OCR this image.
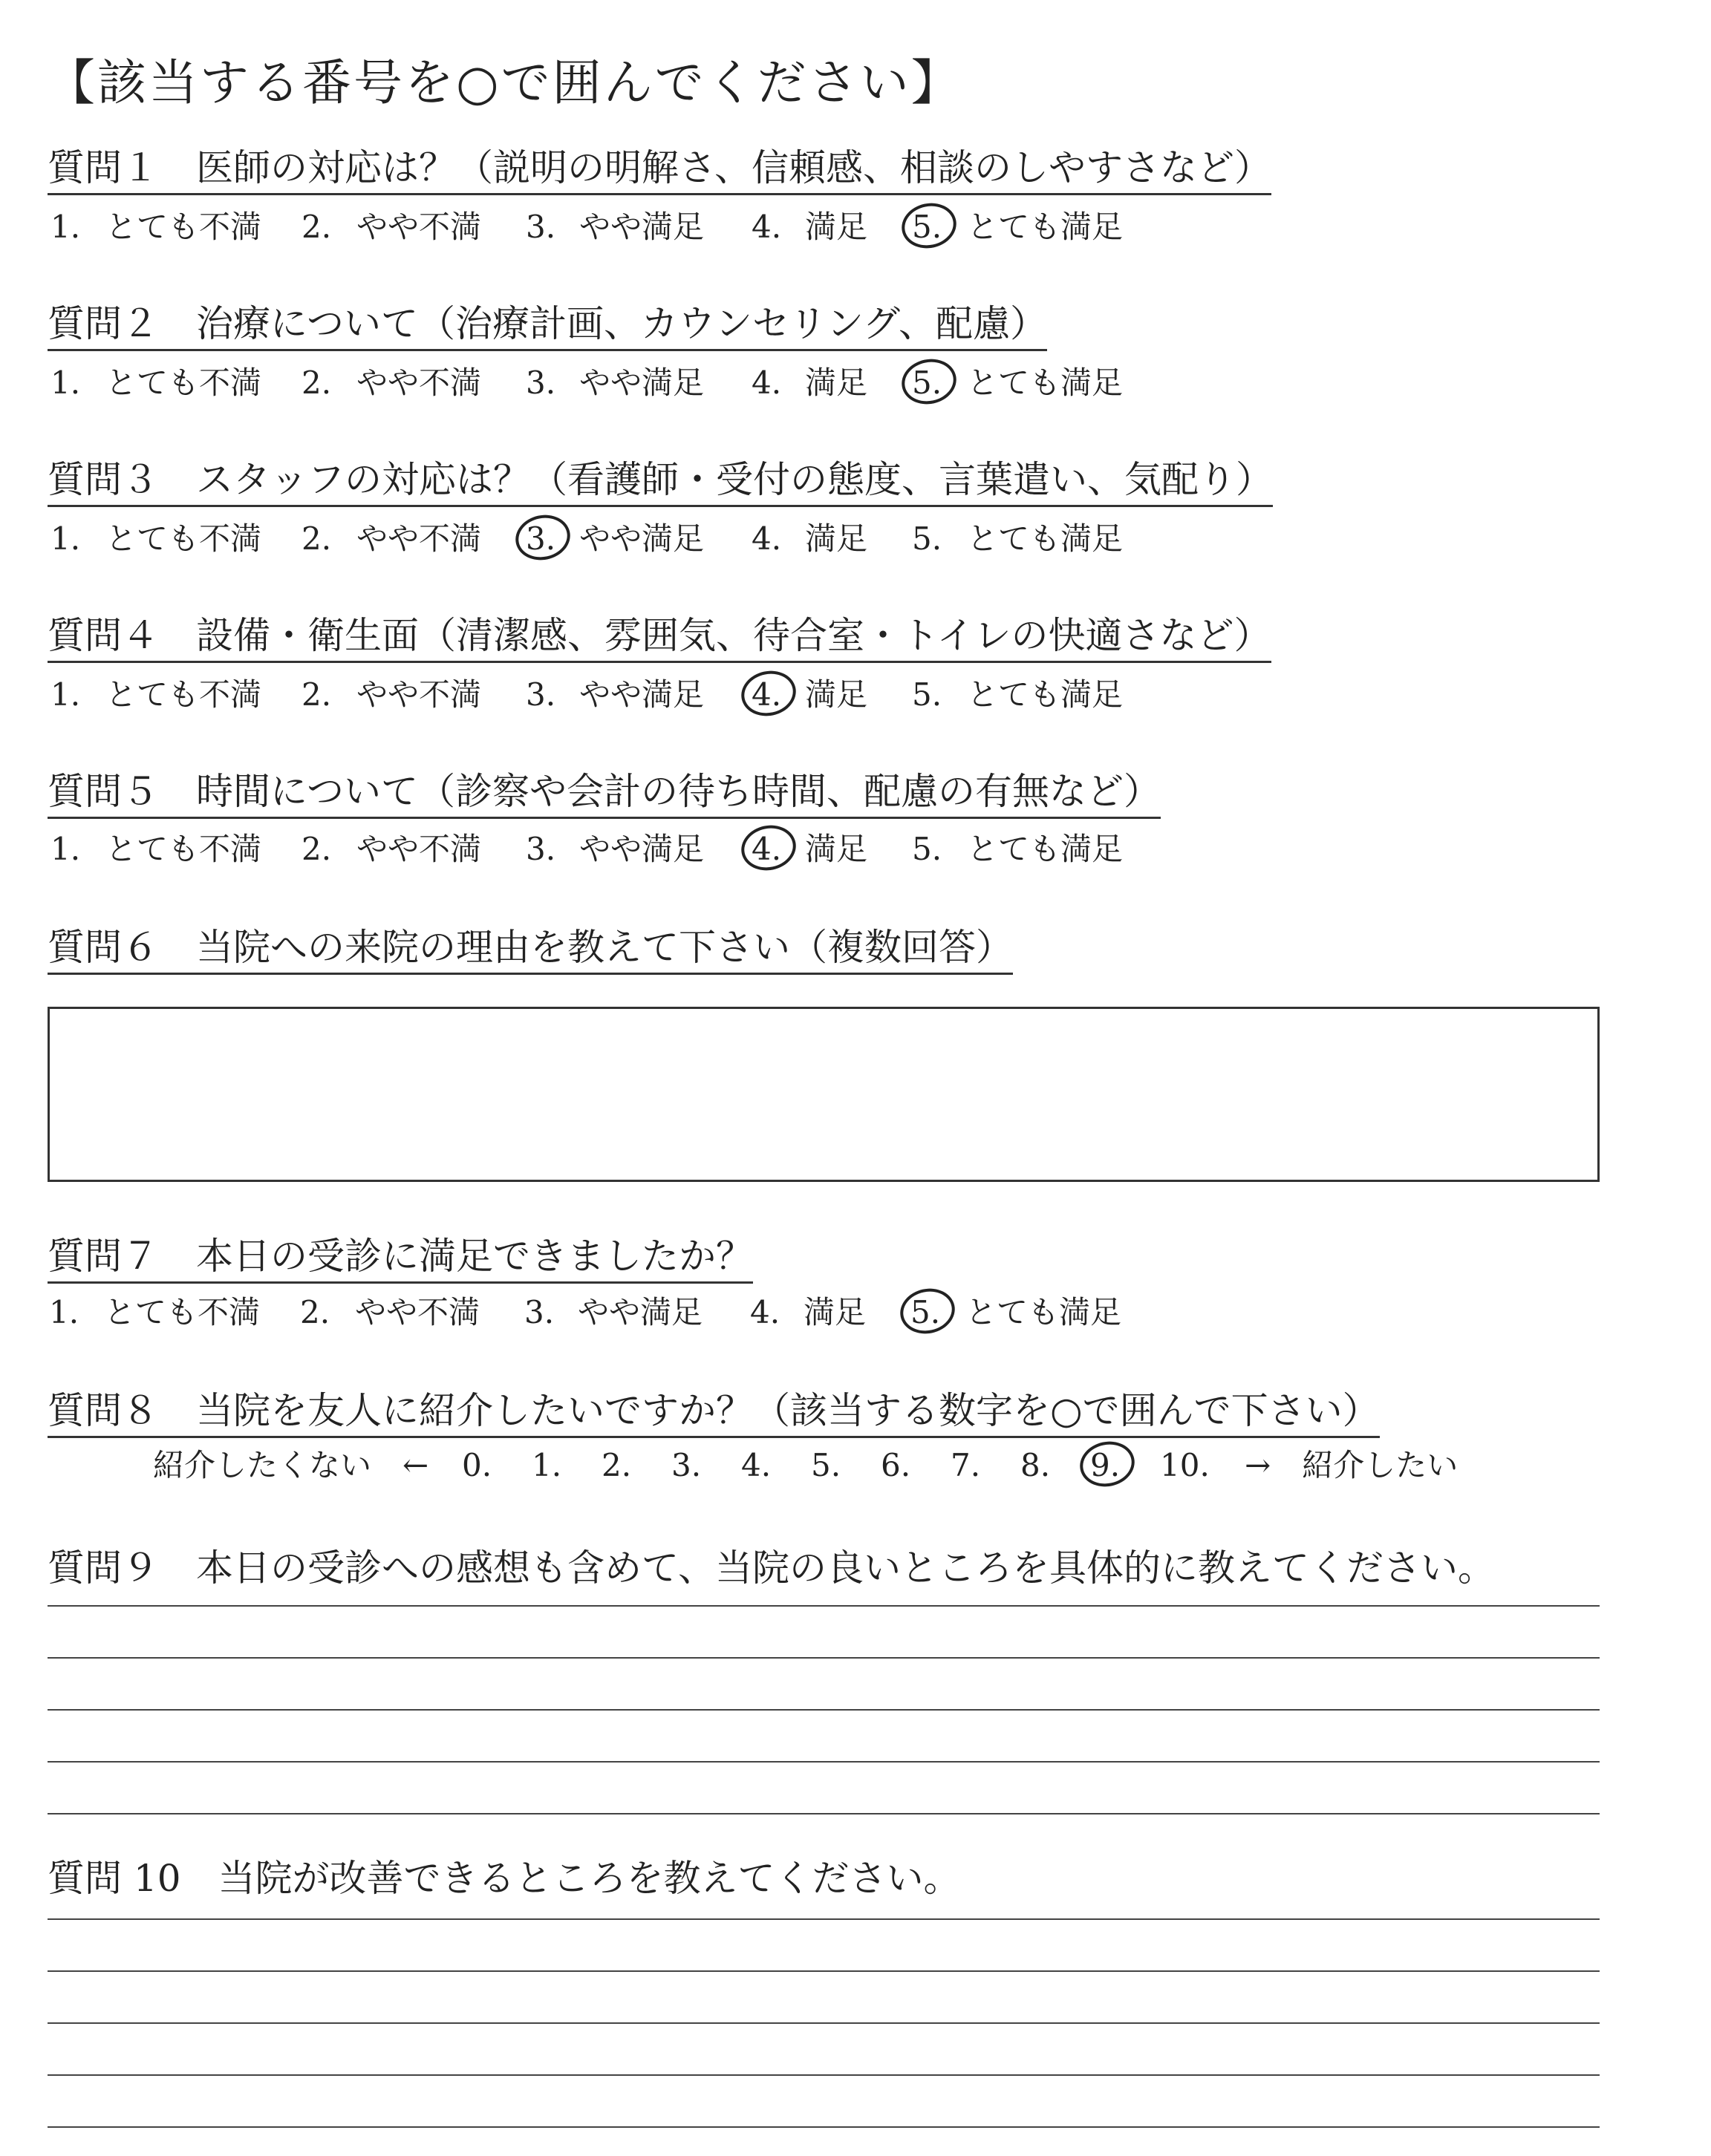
【該当する番号を○で囲んでください】
質問１　医師の対応は？（説明の明解さ、信頼感、相談のしやすさなど）
1. とても不満 2. やや不満 3. やや満足 4. 満足 5. とても満足
質問２　治療について（治療計画、カウンセリング、配慮）
1. とても不満 2. やや不満 3. やや満足 4. 満足 5. とても満足
質問３　スタッフの対応は？（看護師・受付の態度、言葉遣い、気配り）
1. とても不満 2. やや不満 3. やや満足 4. 満足 5. とても満足
質問４　設備・衛生面（清潔感、雰囲気、待合室・トイレの快適さなど）
1. とても不満 2. やや不満 3. やや満足 4. 満足 5. とても満足
質問５　時間について（診察や会計の待ち時間、配慮の有無など）
1. とても不満 2. やや不満 3. やや満足 4. 満足 5. とても満足
質問６　当院への来院の理由を教えて下さい（複数回答）
質問７　本日の受診に満足できましたか？
1. とても不満 2. やや不満 3. やや満足 4. 満足 5. とても満足
質問８　当院を友人に紹介したいですか？（該当する数字を○で囲んで下さい）
紹介したくない　← 0. 1. 2. 3. 4. 5. 6. 7. 8. 9. 10. →　紹介したい
質問９　本日の受診への感想も含めて、当院の良いところを具体的に教えてください。
質問 10　当院が改善できるところを教えてください。
